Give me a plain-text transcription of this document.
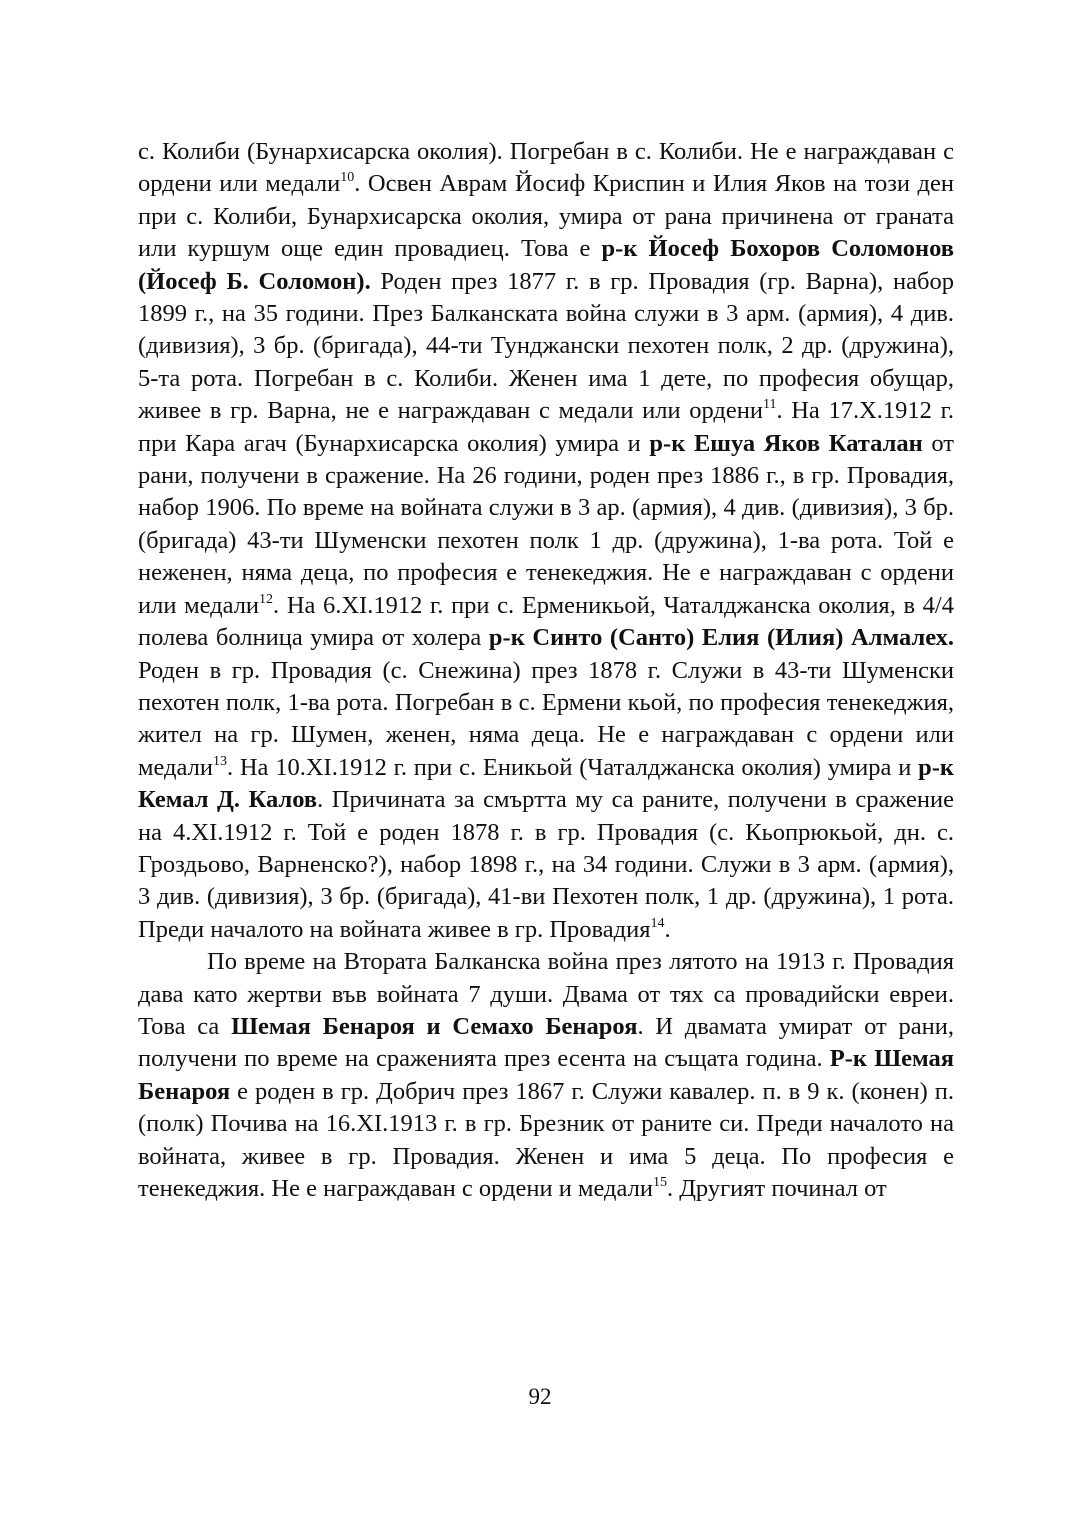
с. Колиби (Бунархисарска околия). Погребан в с. Колиби. Не е награждаван с ордени или медали$^{10}$. Освен Аврам Йосиф Криспин и Илия Яков на този ден при с. Колиби, Бунархисарска околия, умира от рана причинена от граната или куршум още един провадиец. Това е р-к Йосеф Бохоров Соломонов (Йосеф Б. Соломон). Роден през 1877 г. в гр. Провадия (гр. Варна), набор 1899 г., на 35 години. През Балканската война служи в 3 арм. (армия), 4 див. (дивизия), 3 бр. (бригада), 44-ти Тунджански пехотен полк, 2 др. (дружина), 5-та рота. Погребан в с. Колиби. Женен има 1 дете, по професия обущар, живее в гр. Варна, не е награждаван с медали или ордени$^{11}$. На 17.X.1912 г. при Кара агач (Бунархисарска околия) умира и р-к Ешуа Яков Каталан от рани, получени в сражение. На 26 години, роден през 1886 г., в гр. Провадия, набор 1906. По време на войната служи в 3 ар. (армия), 4 див. (дивизия), 3 бр. (бригада) 43-ти Шуменски пехотен полк 1 др. (дружина), 1-ва рота. Той е неженен, няма деца, по професия е тенекеджия. Не е награждаван с ордени или медали$^{12}$. На 6.XI.1912 г. при с. Ерменикьой, Чаталджанска околия, в 4/4 полева болница умира от холера р-к Синто (Санто) Елия (Илия) Алмалех. Роден в гр. Провадия (с. Снежина) през 1878 г. Служи в 43-ти Шуменски пехотен полк, 1-ва рота. Погребан в с. Ермени кьой, по професия тенекеджия, жител на гр. Шумен, женен, няма деца. Не е награждаван с ордени или медали$^{13}$. На 10.XI.1912 г. при с. Еникьой (Чаталджанска околия) умира и р-к Кемал Д. Калов. Причината за смъртта му са раните, получени в сражение на 4.XI.1912 г. Той е роден 1878 г. в гр. Провадия (с. Кьопрюкьой, дн. с. Гроздьово, Варненско?), набор 1898 г., на 34 години. Служи в 3 арм. (армия), 3 див. (дивизия), 3 бр. (бригада), 41-ви Пехотен полк, 1 др. (дружина), 1 рота. Преди началото на войната живее в гр. Провадия$^{14}$.

По време на Втората Балканска война през лятото на 1913 г. Провадия дава като жертви във войната 7 души. Двама от тях са провадийски евреи. Това са Шемая Бенароя и Семахо Бенароя. И двамата умират от рани, получени по време на сраженията през есента на същата година. Р-к Шемая Бенароя е роден в гр. Добрич през 1867 г. Служи кавалер. п. в 9 к. (конен) п. (полк) Почива на 16.XI.1913 г. в гр. Брезник от раните си. Преди началото на войната, живее в гр. Провадия. Женен и има 5 деца. По професия е тенекеджия. Не е награждаван с ордени и медали$^{15}$. Другият починал от

92
